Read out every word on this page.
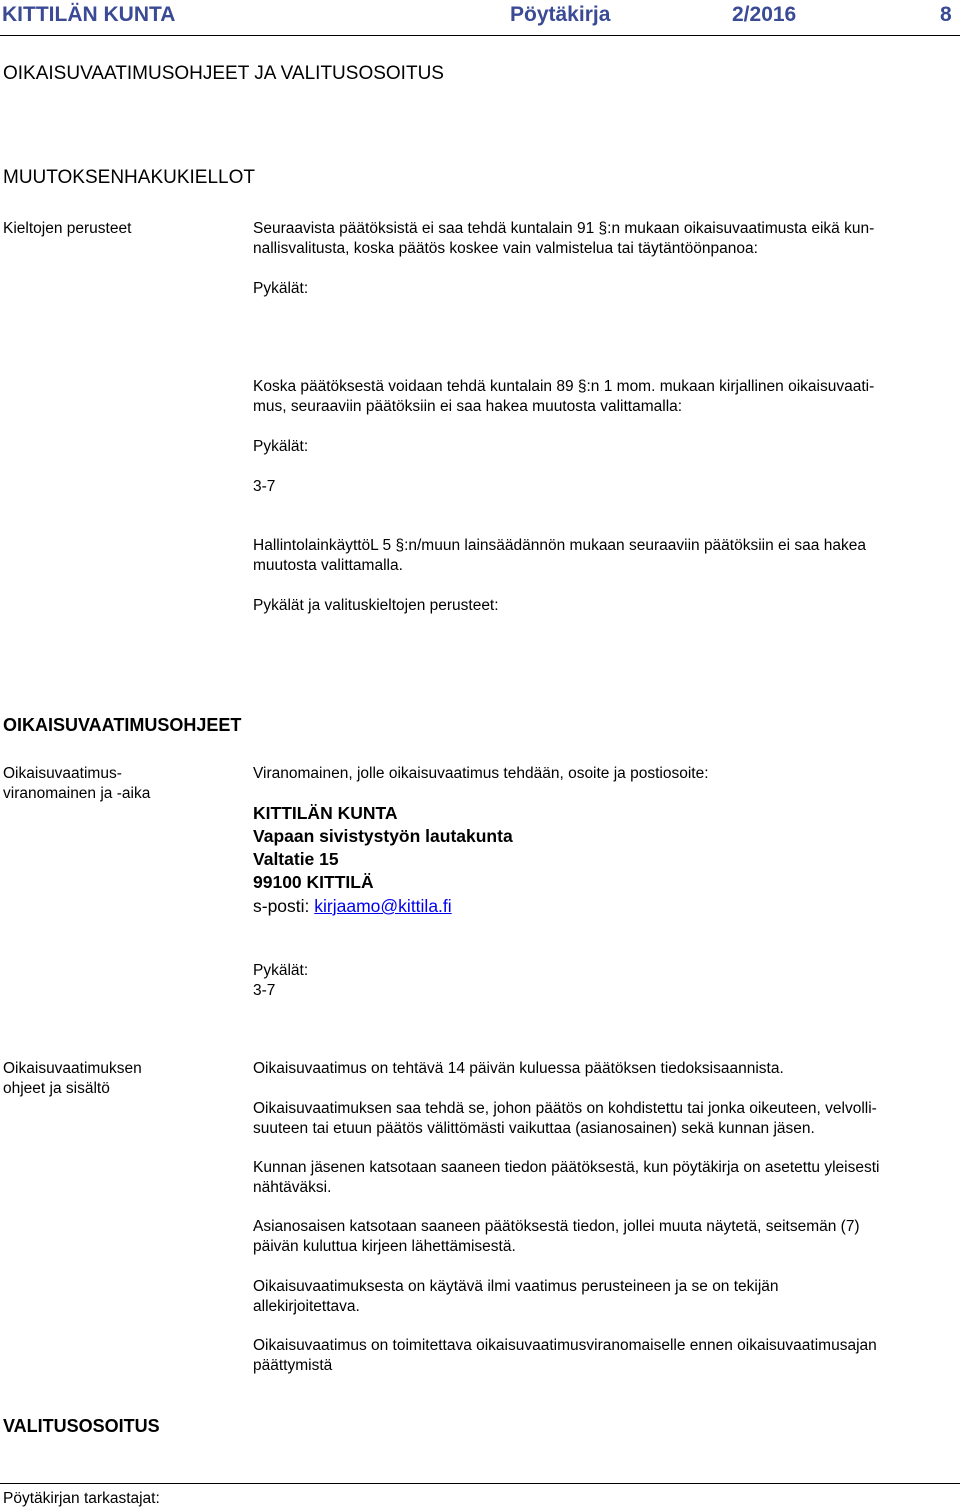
KITTILÄN KUNTA	Pöytäkirja	2/2016	8
OIKAISUVAATIMUSOHJEET JA VALITUSOSOITUS
MUUTOKSENHAKUKIELLOT
Kieltojen perusteet	Seuraavista päätöksistä ei saa tehdä kuntalain 91 §:n mukaan oikaisuvaatimusta eikä kun-
nallisvalitusta, koska päätös koskee vain valmistelua tai täytäntöönpanoa:
Pykälät:
Koska päätöksestä voidaan tehdä kuntalain 89 §:n 1 mom. mukaan kirjallinen oikaisuvaati-
mus, seuraaviin päätöksiin ei saa hakea muutosta valittamalla:
Pykälät:
3-7
HallintolainkäyttöL 5 §:n/muun lainsäädännön mukaan seuraaviin päätöksiin ei saa hakea
muutosta valittamalla.
Pykälät ja valituskieltojen perusteet:
OIKAISUVAATIMUSOHJEET
Oikaisuvaatimus-
viranomainen ja -aika
Viranomainen, jolle oikaisuvaatimus tehdään, osoite ja postiosoite:
KITTILÄN KUNTA
Vapaan sivistystyön lautakunta
Valtatie 15
99100 KITTILÄ
s-posti: kirjaamo@kittila.fi
Pykälät:
3-7
Oikaisuvaatimuksen
ohjeet ja sisältö
Oikaisuvaatimus on tehtävä 14 päivän kuluessa päätöksen tiedoksisaannista.
Oikaisuvaatimuksen saa tehdä se, johon päätös on kohdistettu tai jonka oikeuteen, velvolli-
suuteen tai etuun päätös välittömästi vaikuttaa (asianosainen) sekä kunnan jäsen.
Kunnan jäsenen katsotaan saaneen tiedon päätöksestä, kun pöytäkirja on asetettu yleisesti
nähtäväksi.
Asianosaisen katsotaan saaneen päätöksestä tiedon, jollei muuta näytetä, seitsemän (7)
päivän kuluttua kirjeen lähettämisestä.
Oikaisuvaatimuksesta on käytävä ilmi vaatimus perusteineen ja se on tekijän
allekirjoitettava.
Oikaisuvaatimus on toimitettava oikaisuvaatimusviranomaiselle ennen oikaisuvaatimusajan
päättymistä
VALITUSOSOITUS
Pöytäkirjan tarkastajat:
